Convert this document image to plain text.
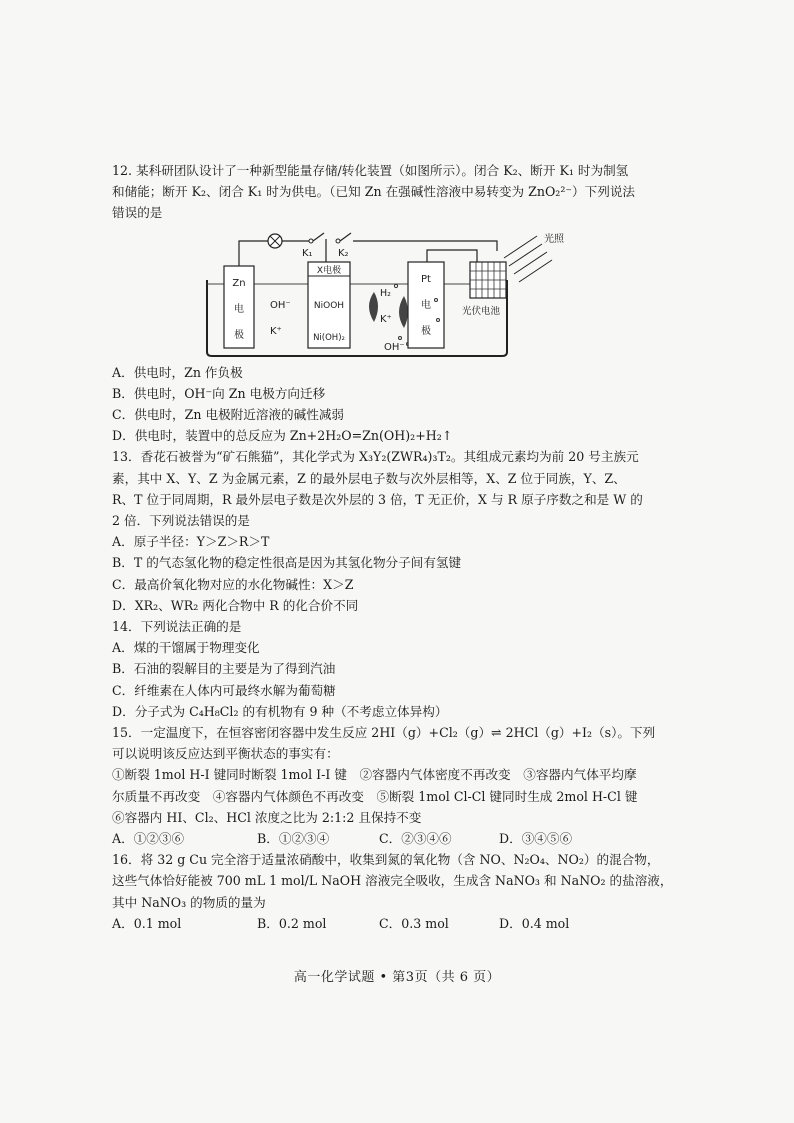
12. 某科研团队设计了一种新型能量存储/转化装置（如图所示）。闭合 K₂、断开 K₁ 时为制氢
和储能；断开 K₂、闭合 K₁ 时为供电。（已知 Zn 在强碱性溶液中易转变为 ZnO₂²⁻）下列说法
错误的是
K₁	K₂
Zn
电
极
OH⁻
K⁺
X电极
NiOOH
Ni(OH)₂
H₂
K⁺
OH⁻
Pt
电
极
光伏电池
光照
A．供电时，Zn 作负极
B．供电时，OH⁻向 Zn 电极方向迁移
C．供电时，Zn 电极附近溶液的碱性减弱
D．供电时，装置中的总反应为 Zn+2H₂O=Zn(OH)₂+H₂↑
13．香花石被誉为“矿石熊猫”，其化学式为 X₃Y₂(ZWR₄)₃T₂。其组成元素均为前 20 号主族元
素，其中 X、Y、Z 为金属元素，Z 的最外层电子数与次外层相等，X、Z 位于同族，Y、Z、
R、T 位于同周期，R 最外层电子数是次外层的 3 倍，T 无正价，X 与 R 原子序数之和是 W 的
2 倍．下列说法错误的是
A．原子半径：Y＞Z＞R＞T
B．T 的气态氢化物的稳定性很高是因为其氢化物分子间有氢键
C．最高价氧化物对应的水化物碱性：X＞Z
D．XR₂、WR₂ 两化合物中 R 的化合价不同
14．下列说法正确的是
A．煤的干馏属于物理变化
B．石油的裂解目的主要是为了得到汽油
C．纤维素在人体内可最终水解为葡萄糖
D．分子式为 C₄H₈Cl₂ 的有机物有 9 种（不考虑立体异构）
15．一定温度下，在恒容密闭容器中发生反应 2HI（g）+Cl₂（g）⇌ 2HCl（g）+I₂（s）。下列
可以说明该反应达到平衡状态的事实有：
①断裂 1mol H-I 键同时断裂 1mol I-I 键　②容器内气体密度不再改变　③容器内气体平均摩
尔质量不再改变　④容器内气体颜色不再改变　⑤断裂 1mol Cl-Cl 键同时生成 2mol H-Cl 键
⑥容器内 HI、Cl₂、HCl 浓度之比为 2:1:2 且保持不变
A．①②③⑥	B．①②③④	C．②③④⑥	D．③④⑤⑥
16．将 32 g Cu 完全溶于适量浓硝酸中，收集到氮的氧化物（含 NO、N₂O₄、NO₂）的混合物，
这些气体恰好能被 700 mL 1 mol/L NaOH 溶液完全吸收，生成含 NaNO₃ 和 NaNO₂ 的盐溶液，
其中 NaNO₃ 的物质的量为
A．0.1 mol	B．0.2 mol	C．0.3 mol	D．0.4 mol
高一化学试题 • 第3页（共 6 页）
